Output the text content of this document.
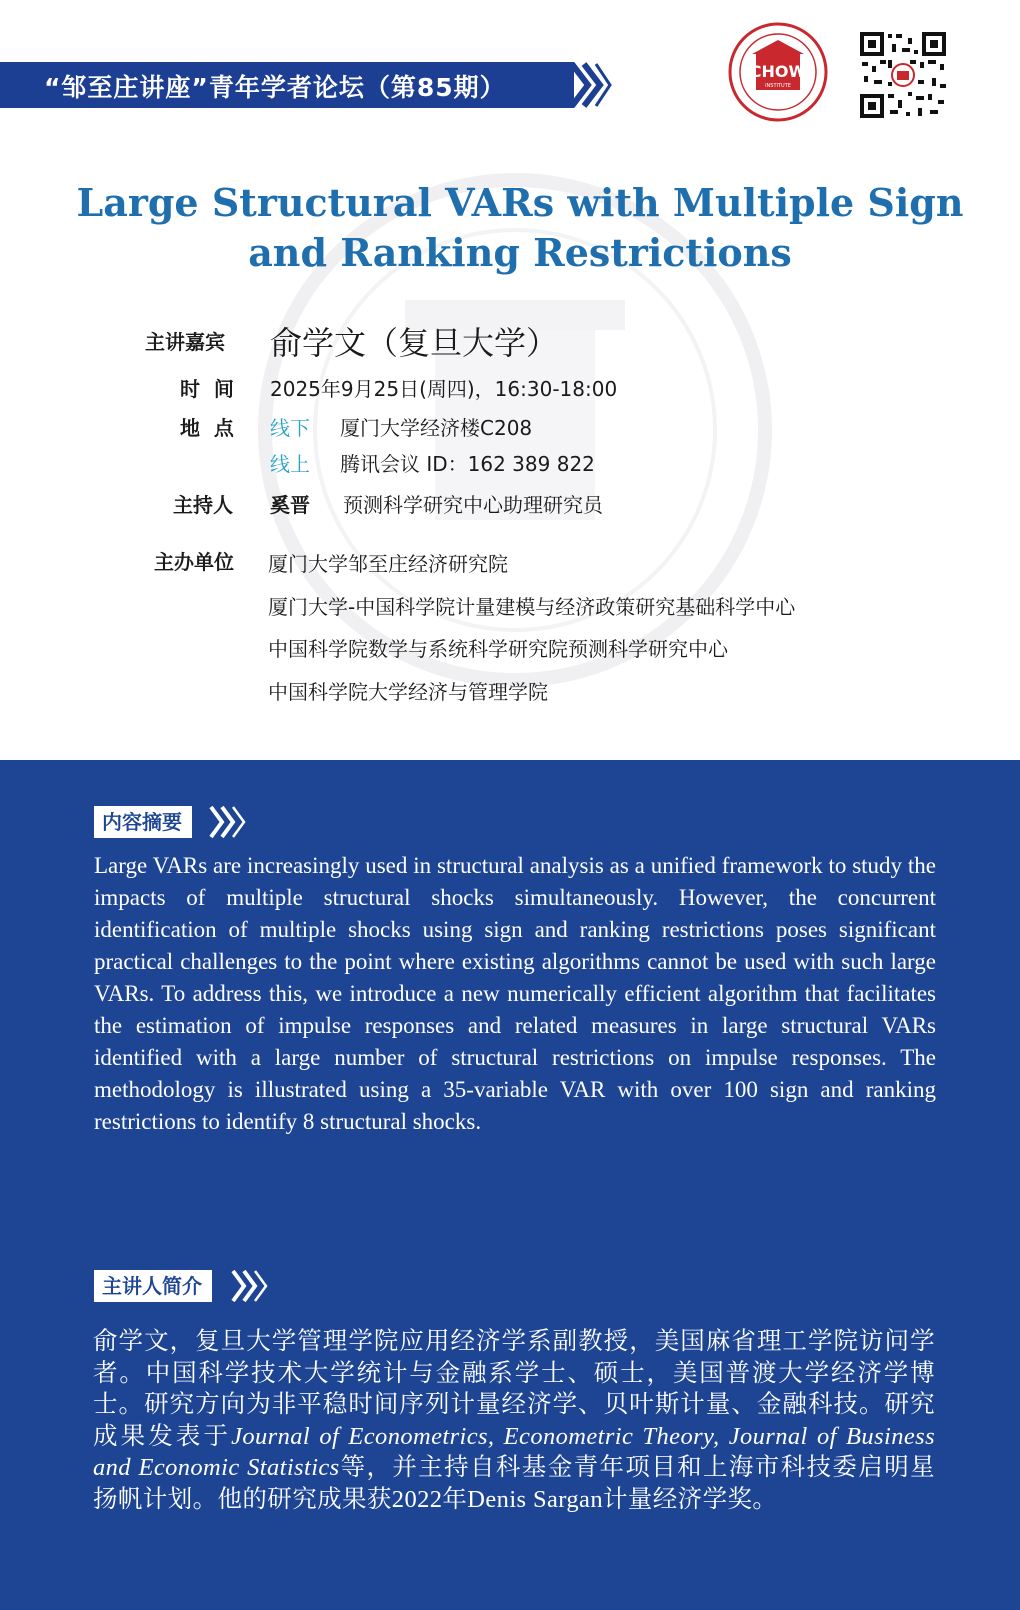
“邹至庄讲座”青年学者论坛（第85期）
CHOW
INSTITUTE
Large Structural VARs with Multiple Sign
and Ranking Restrictions
主讲嘉宾 俞学文（复旦大学）
时  间 2025年9月25日(周四)，16:30-18:00
地  点 线下 厦门大学经济楼C208
线上 腾讯会议 ID：162 389 822
主持人 奚晋 预测科学研究中心助理研究员
主办单位 厦门大学邹至庄经济研究院
厦门大学-中国科学院计量建模与经济政策研究基础科学中心
中国科学院数学与系统科学研究院预测科学研究中心
中国科学院大学经济与管理学院
内容摘要
Large VARs are increasingly used in structural analysis as a unified framework to study the impacts of multiple structural shocks simultaneously. However, the concurrent identification of multiple shocks using sign and ranking restrictions poses significant practical challenges to the point where existing algorithms cannot be used with such large VARs. To address this, we introduce a new numerically efficient algorithm that facilitates the estimation of impulse responses and related measures in large structural VARs identified with a large number of structural restrictions on impulse responses. The methodology is illustrated using a 35-variable VAR with over 100 sign and ranking restrictions to identify 8 structural shocks.
主讲人简介
俞学文，复旦大学管理学院应用经济学系副教授，美国麻省理工学院访问学者。中国科学技术大学统计与金融系学士、硕士，美国普渡大学经济学博士。研究方向为非平稳时间序列计量经济学、贝叶斯计量、金融科技。研究成果发表于Journal of Econometrics, Econometric Theory, Journal of Business and Economic Statistics等，并主持自科基金青年项目和上海市科技委启明星扬帆计划。他的研究成果获2022年Denis Sargan计量经济学奖。
